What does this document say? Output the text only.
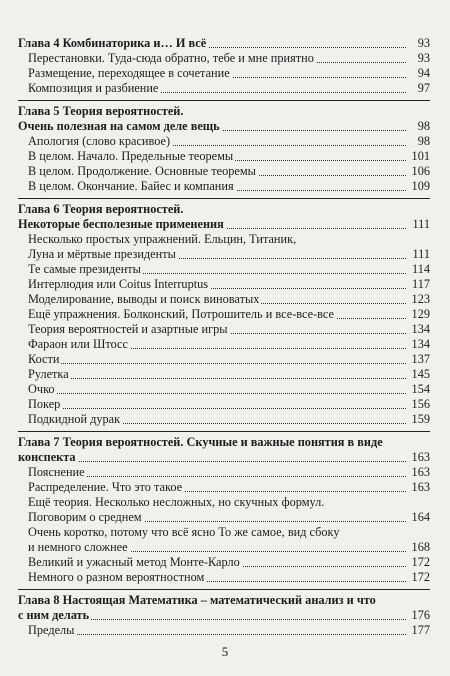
Глава 4 Комбинаторика и… И всё	93
Перестановки. Туда-сюда обратно, тебе и мне приятно	93
Размещение, переходящее в сочетание	94
Композиция и разбиение	97
Глава 5 Теория вероятностей.
Очень полезная на самом деле вещь	98
Апология (слово красивое)	98
В целом. Начало. Предельные теоремы	101
В целом. Продолжение. Основные теоремы	106
В целом. Окончание. Байес и компания	109
Глава 6 Теория вероятностей.
Некоторые бесполезные применения	111
Несколько простых упражнений. Ельцин, Титаник,
Луна и мёртвые президенты	111
Те самые президенты	114
Интерлюдия или Coitus Interruptus	117
Моделирование, выводы и поиск виноватых	123
Ещё упражнения. Болконский, Потрошитель и все-все-все	129
Теория вероятностей и азартные игры	134
Фараон или Штосс	134
Кости	137
Рулетка	145
Очко	154
Покер	156
Подкидной дурак	159
Глава 7 Теория вероятностей. Скучные и важные понятия в виде
конспекта	163
Пояснение	163
Распределение. Что это такое	163
Ещё теория. Несколько несложных, но скучных формул.
Поговорим о среднем	164
Очень коротко, потому что всё ясно То же самое, вид сбоку
и немного сложнее	168
Великий и ужасный метод Монте-Карло	172
Немного о разном вероятностном	172
Глава 8 Настоящая Математика – математический анализ и что
с ним делать	176
Пределы	177
5
